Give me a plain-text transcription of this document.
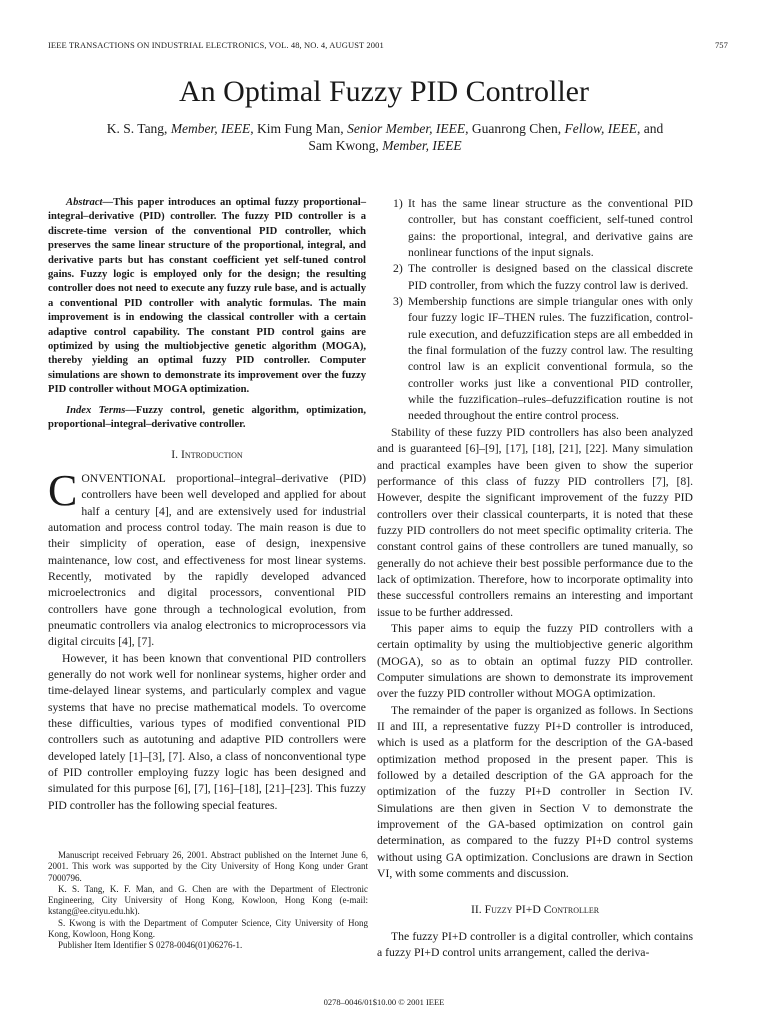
IEEE TRANSACTIONS ON INDUSTRIAL ELECTRONICS, VOL. 48, NO. 4, AUGUST 2001	757
An Optimal Fuzzy PID Controller
K. S. Tang, Member, IEEE, Kim Fung Man, Senior Member, IEEE, Guanrong Chen, Fellow, IEEE, and
Sam Kwong, Member, IEEE

Abstract—This paper introduces an optimal fuzzy proportional–integral–derivative (PID) controller. The fuzzy PID controller is a discrete-time version of the conventional PID controller, which preserves the same linear structure of the proportional, integral, and derivative parts but has constant coefficient yet self-tuned control gains. Fuzzy logic is employed only for the design; the resulting controller does not need to execute any fuzzy rule base, and is actually a conventional PID controller with analytic formulas. The main improvement is in endowing the classical controller with a certain adaptive control capability. The constant PID control gains are optimized by using the multiobjective genetic algorithm (MOGA), thereby yielding an optimal fuzzy PID controller. Computer simulations are shown to demonstrate its improvement over the fuzzy PID controller without MOGA optimization.

Index Terms—Fuzzy control, genetic algorithm, optimization, proportional–integral–derivative controller.

I. Introduction

CONVENTIONAL proportional–integral–derivative (PID) controllers have been well developed and applied for about half a century [4], and are extensively used for industrial automation and process control today. The main reason is due to their simplicity of operation, ease of design, inexpensive maintenance, low cost, and effectiveness for most linear systems. Recently, motivated by the rapidly developed advanced microelectronics and digital processors, conventional PID controllers have gone through a technological evolution, from pneumatic controllers via analog electronics to microprocessors via digital circuits [4], [7].

However, it has been known that conventional PID controllers generally do not work well for nonlinear systems, higher order and time-delayed linear systems, and particularly complex and vague systems that have no precise mathematical models. To overcome these difficulties, various types of modified conventional PID controllers such as autotuning and adaptive PID controllers were developed lately [1]–[3], [7]. Also, a class of nonconventional type of PID controller employing fuzzy logic has been designed and simulated for this purpose [6], [7], [16]–[18], [21]–[23]. This fuzzy PID controller has the following special features.

Manuscript received February 26, 2001. Abstract published on the Internet June 6, 2001. This work was supported by the City University of Hong Kong under Grant 7000796.

K. S. Tang, K. F. Man, and G. Chen are with the Department of Electronic Engineering, City University of Hong Kong, Kowloon, Hong Kong (e-mail: kstang@ee.cityu.edu.hk).

S. Kwong is with the Department of Computer Science, City University of Hong Kong, Kowloon, Hong Kong.

Publisher Item Identifier S 0278-0046(01)06276-1.

1) It has the same linear structure as the conventional PID controller, but has constant coefficient, self-tuned control gains: the proportional, integral, and derivative gains are nonlinear functions of the input signals.
2) The controller is designed based on the classical discrete PID controller, from which the fuzzy control law is derived.
3) Membership functions are simple triangular ones with only four fuzzy logic IF–THEN rules. The fuzzification, control-rule execution, and defuzzification steps are all embedded in the final formulation of the fuzzy control law. The resulting control law is an explicit conventional formula, so the controller works just like a conventional PID controller, while the fuzzification–rules–defuzzification routine is not needed throughout the entire control process.

Stability of these fuzzy PID controllers has also been analyzed and is guaranteed [6]–[9], [17], [18], [21], [22]. Many simulation and practical examples have been given to show the superior performance of this class of fuzzy PID controllers [7], [8]. However, despite the significant improvement of the fuzzy PID controllers over their classical counterparts, it is noted that these fuzzy PID controllers do not meet specific optimality criteria. The constant control gains of these controllers are tuned manually, so generally do not achieve their best possible performance due to the lack of optimization. Therefore, how to incorporate optimality into these successful controllers remains an interesting and important issue to be further addressed.

This paper aims to equip the fuzzy PID controllers with a certain optimality by using the multiobjective generic algorithm (MOGA), so as to obtain an optimal fuzzy PID controller. Computer simulations are shown to demonstrate its improvement over the fuzzy PID controller without MOGA optimization.

The remainder of the paper is organized as follows. In Sections II and III, a representative fuzzy PI+D controller is introduced, which is used as a platform for the description of the GA-based optimization method proposed in the present paper. This is followed by a detailed description of the GA approach for the optimization of the fuzzy PI+D controller in Section IV. Simulations are then given in Section V to demonstrate the improvement of the GA-based optimization on control gain determination, as compared to the fuzzy PI+D control systems without using GA optimization. Conclusions are drawn in Section VI, with some comments and discussion.

II. Fuzzy PI+D Controller

The fuzzy PI+D controller is a digital controller, which contains a fuzzy PI+D control units arrangement, called the deriva-

0278–0046/01$10.00 © 2001 IEEE
